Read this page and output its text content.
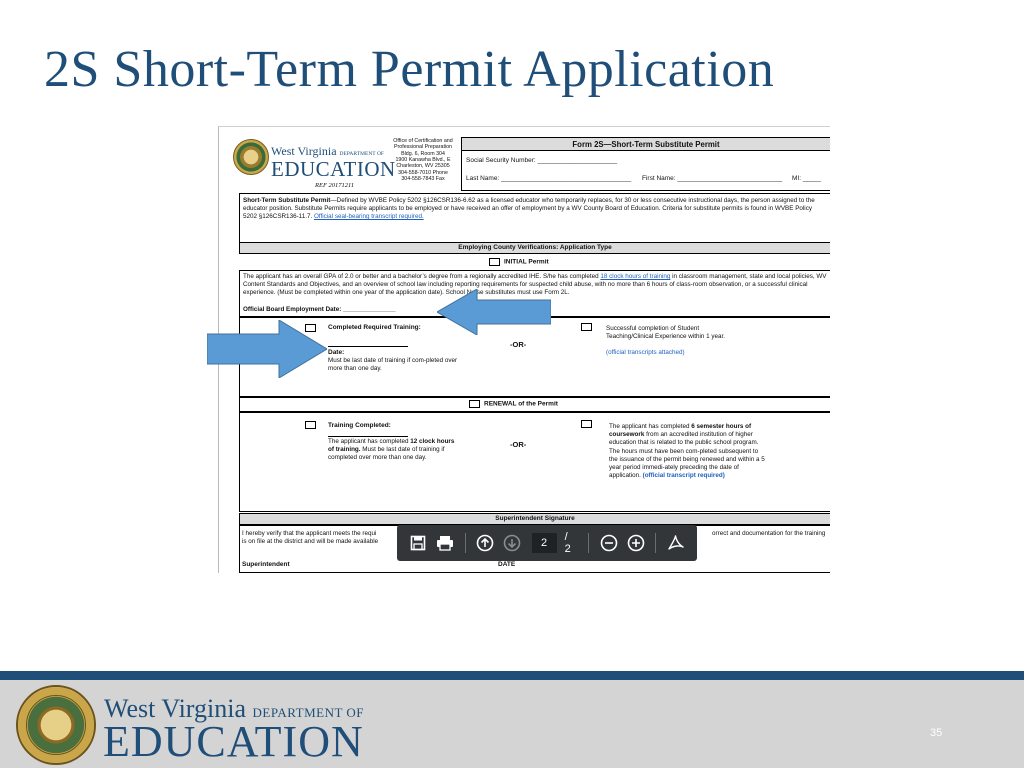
2S Short-Term Permit Application
West Virginia DEPARTMENT OF
EDUCATION
REF 20171211
Office of Certification and
Professional Preparation
Bldg. 6, Room 304
1900 Kanawha Blvd., E
Charleston, WV 25305
304-558-7010 Phone
304-558-7843 Fax
Form 2S—Short-Term Substitute Permit
Social Security Number: ______________________
Last Name: ____________________________________ First Name: _____________________________ MI: _____
Short-Term Substitute Permit—Defined by WVBE Policy 5202 §126CSR136-6.62 as a licensed educator who temporarily replaces, for 30 or less consecutive instructional days, the person assigned to the educator position. Substitute Permits require applicants to be employed or have received an offer of employment by a WV County Board of Education. Criteria for substitute permits is found in WVBE Policy 5202 §126CSR136-11.7. Official seal-bearing transcript required.
Employing County Verifications: Application Type
INITIAL Permit
The applicant has an overall GPA of 2.0 or better and a bachelor’s degree from a regionally accredited IHE. S/he has completed 18 clock hours of training in classroom management, state and local policies, WV Content Standards and Objectives, and an overview of school law including reporting requirements for suspected child abuse, with no more than 6 hours of class-room observation, or a successful clinical experience. (Must be completed within one year of the application date). School Nurse substitutes must use Form 2L.
Official Board Employment Date: _______________
Completed Required Training:
Date:
Must be last date of training if com-pleted over more than one day.
-OR-
Successful completion of Student Teaching/Clinical Experience within 1 year.
(official transcripts attached)
RENEWAL of the Permit
Training Completed:
The applicant has completed 12 clock hours of training. Must be last date of training if completed over more than one day.
-OR-
The applicant has completed 6 semester hours of coursework from an accredited institution of higher education that is related to the public school program. The hours must have been com-pleted subsequent to the issuance of the permit being renewed and within a 5 year period immedi-ately preceding the date of application. (official transcript required)
Superintendent Signature
I hereby verify that the applicant meets the requi	orrect and documentation for the training
is on file at the district and will be made available
Superintendent	DATE
2	/ 2
West Virginia DEPARTMENT OF
EDUCATION	35
